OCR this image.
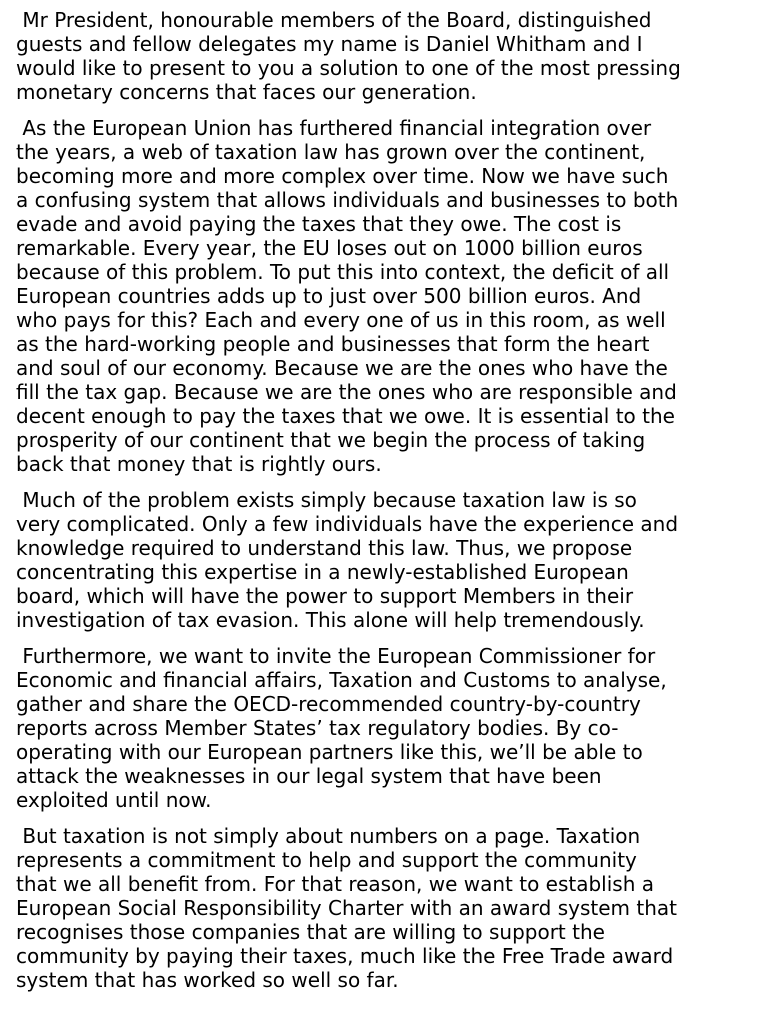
Mr President, honourable members of the Board, distinguished
guests and fellow delegates my name is Daniel Whitham and I
would like to present to you a solution to one of the most pressing
monetary concerns that faces our generation.
As the European Union has furthered financial integration over
the years, a web of taxation law has grown over the continent,
becoming more and more complex over time. Now we have such
a confusing system that allows individuals and businesses to both
evade and avoid paying the taxes that they owe. The cost is
remarkable. Every year, the EU loses out on 1000 billion euros
because of this problem. To put this into context, the deficit of all
European countries adds up to just over 500 billion euros. And
who pays for this? Each and every one of us in this room, as well
as the hard-working people and businesses that form the heart
and soul of our economy. Because we are the ones who have the
fill the tax gap. Because we are the ones who are responsible and
decent enough to pay the taxes that we owe. It is essential to the
prosperity of our continent that we begin the process of taking
back that money that is rightly ours.
Much of the problem exists simply because taxation law is so
very complicated. Only a few individuals have the experience and
knowledge required to understand this law. Thus, we propose
concentrating this expertise in a newly-established European
board, which will have the power to support Members in their
investigation of tax evasion. This alone will help tremendously.
Furthermore, we want to invite the European Commissioner for
Economic and financial affairs, Taxation and Customs to analyse,
gather and share the OECD-recommended country-by-country
reports across Member States’ tax regulatory bodies. By co-
operating with our European partners like this, we’ll be able to
attack the weaknesses in our legal system that have been
exploited until now.
But taxation is not simply about numbers on a page. Taxation
represents a commitment to help and support the community
that we all benefit from. For that reason, we want to establish a
European Social Responsibility Charter with an award system that
recognises those companies that are willing to support the
community by paying their taxes, much like the Free Trade award
system that has worked so well so far.
